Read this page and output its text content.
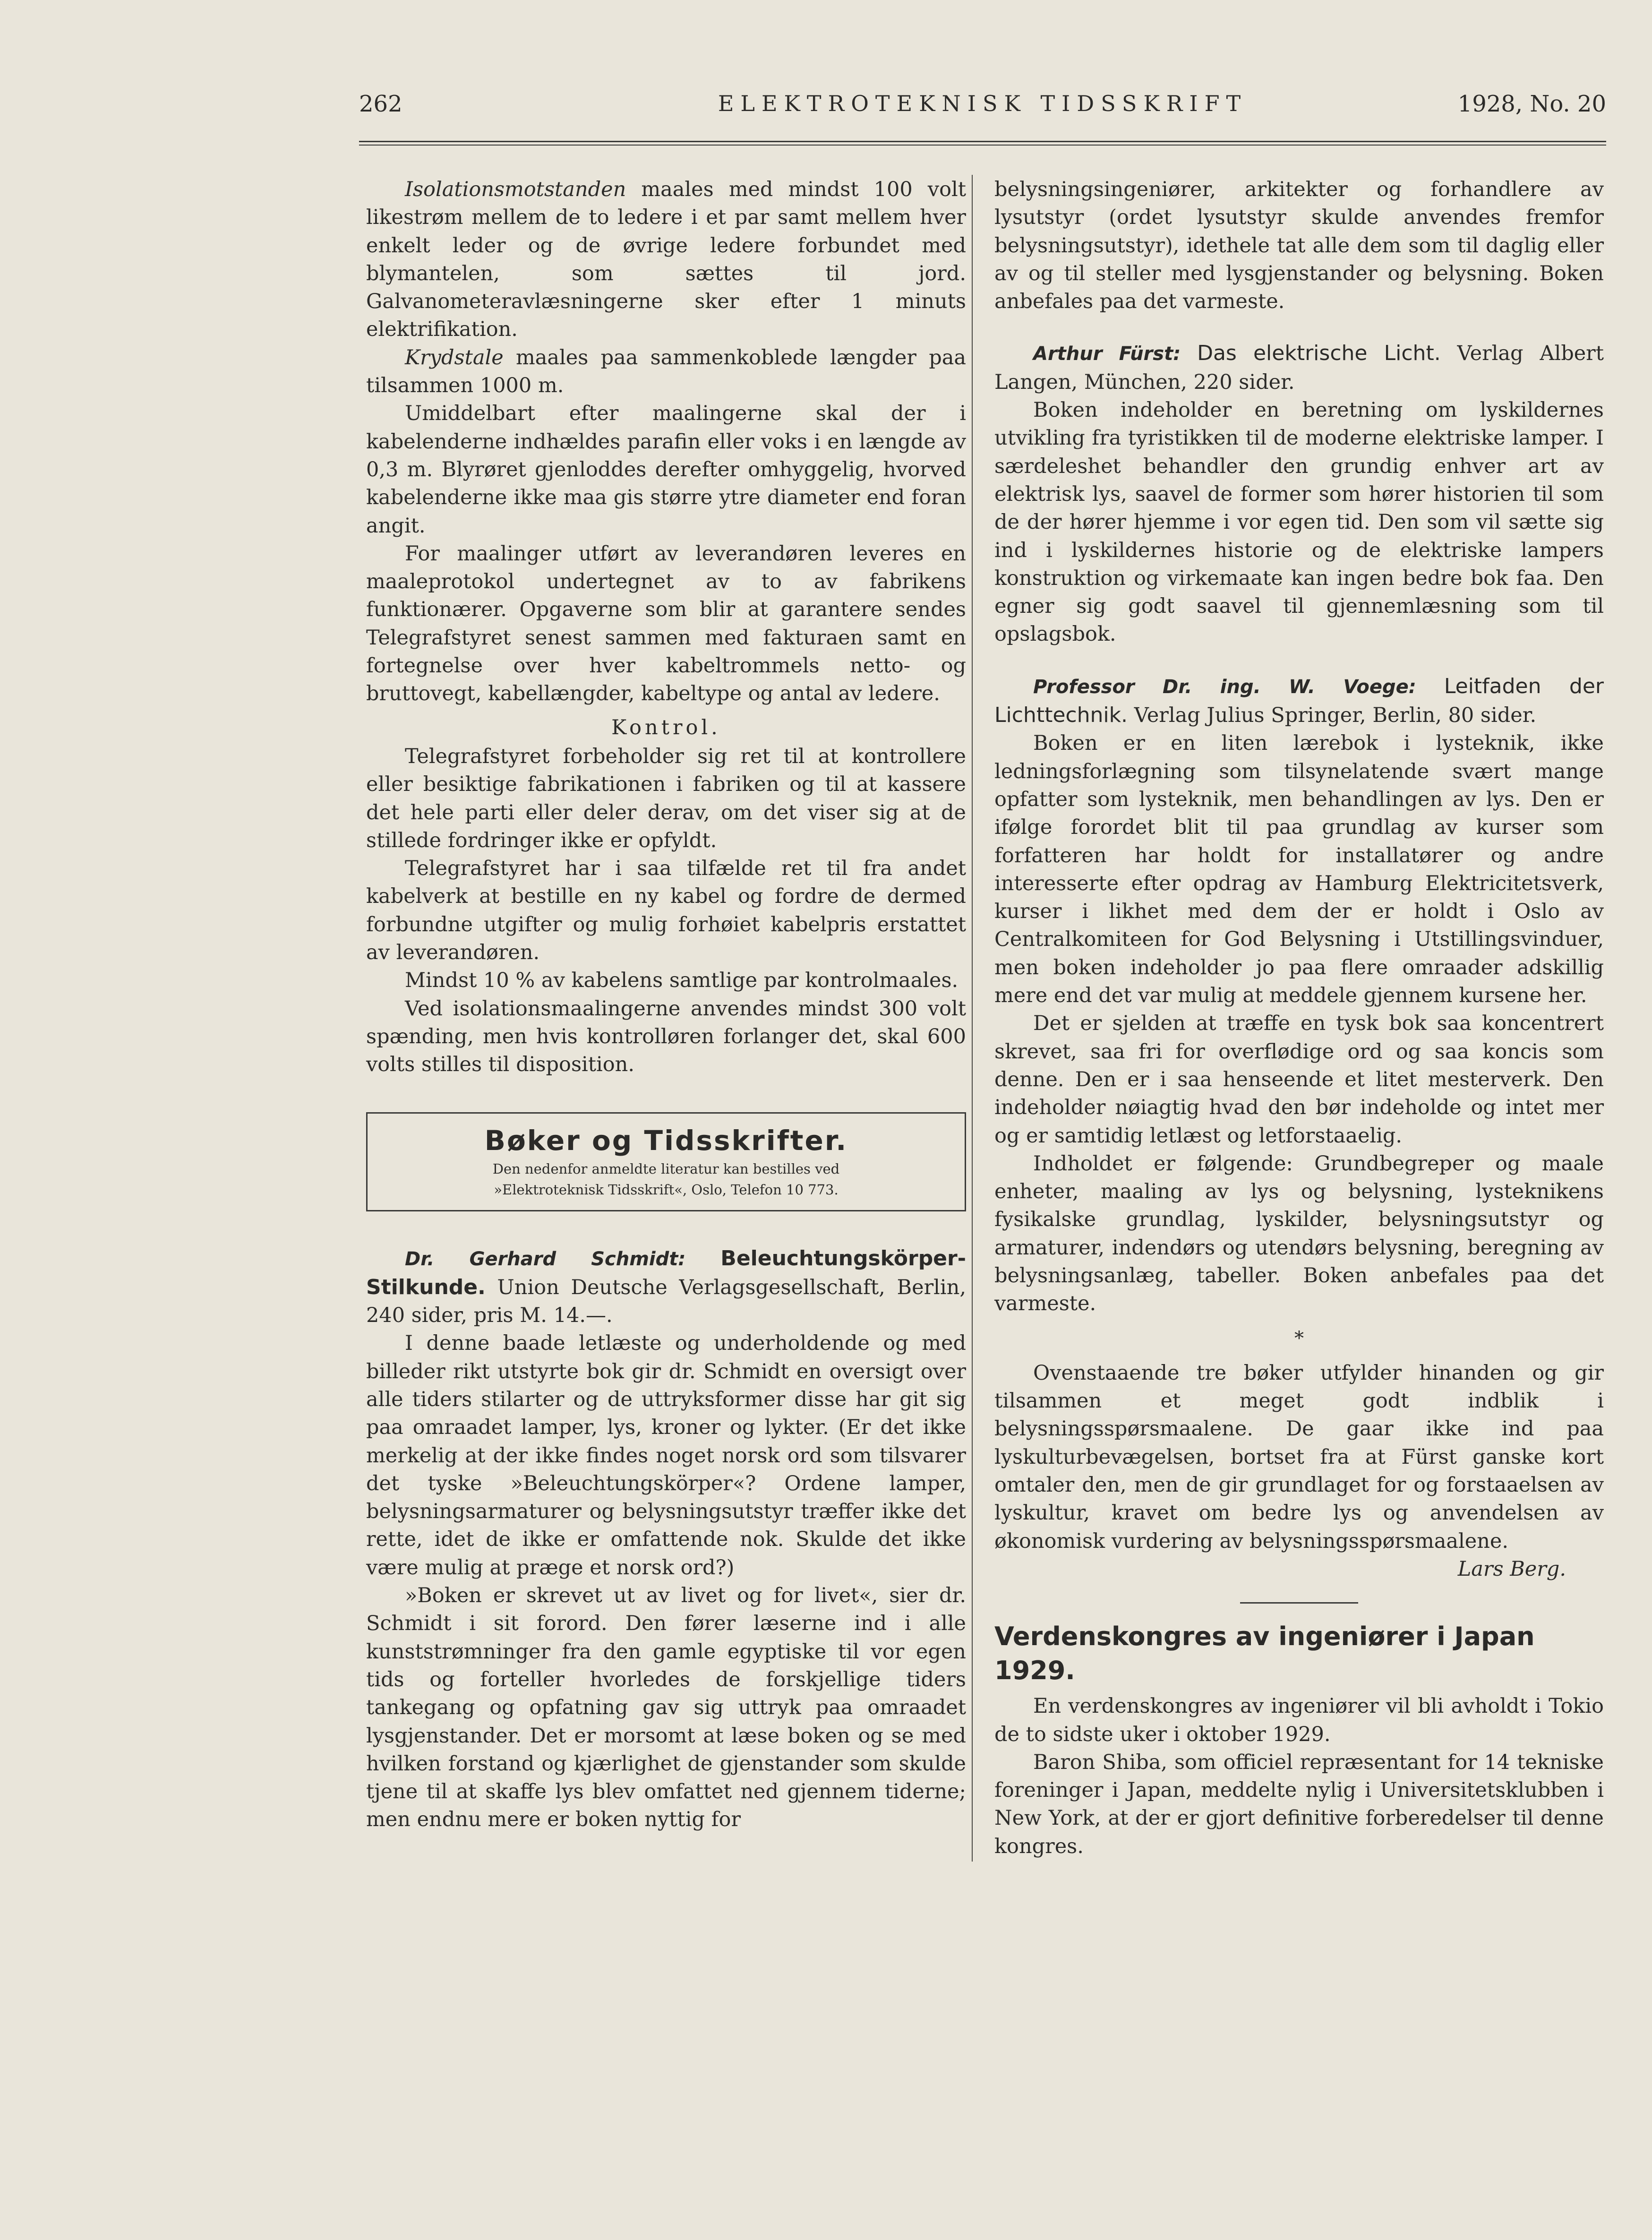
262	ELEKTROTEKNISK TIDSSKRIFT	1928, No. 20

Isolationsmotstanden maales med mindst 100 volt likestrøm mellem de to ledere i et par samt mellem hver enkelt leder og de øvrige ledere forbundet med blymantelen, som sættes til jord. Galvanometeravlæsningerne sker efter 1 minuts elektrifikation.

Krydstale maales paa sammenkoblede længder paa tilsammen 1000 m.

Umiddelbart efter maalingerne skal der i kabelenderne indhældes parafin eller voks i en længde av 0,3 m. Blyrøret gjenloddes derefter omhyggelig, hvorved kabelenderne ikke maa gis større ytre diameter end foran angit.

For maalinger utført av leverandøren leveres en maaleprotokol undertegnet av to av fabrikens funktionærer. Opgaverne som blir at garantere sendes Telegrafstyret senest sammen med fakturaen samt en fortegnelse over hver kabeltrommels netto- og bruttovegt, kabellængder, kabeltype og antal av ledere.

Kontrol.

Telegrafstyret forbeholder sig ret til at kontrollere eller besiktige fabrikationen i fabriken og til at kassere det hele parti eller deler derav, om det viser sig at de stillede fordringer ikke er opfyldt.

Telegrafstyret har i saa tilfælde ret til fra andet kabelverk at bestille en ny kabel og fordre de dermed forbundne utgifter og mulig forhøiet kabelpris erstattet av leverandøren.

Mindst 10 % av kabelens samtlige par kontrolmaales.

Ved isolationsmaalingerne anvendes mindst 300 volt spænding, men hvis kontrolløren forlanger det, skal 600 volts stilles til disposition.

Bøker og Tidsskrifter.
Den nedenfor anmeldte literatur kan bestilles ved
»Elektroteknisk Tidsskrift«, Oslo, Telefon 10 773.

Dr. Gerhard Schmidt: Beleuchtungskörper-Stilkunde. Union Deutsche Verlagsgesellschaft, Berlin, 240 sider, pris M. 14.—.

I denne baade letlæste og underholdende og med billeder rikt utstyrte bok gir dr. Schmidt en oversigt over alle tiders stilarter og de uttryksformer disse har git sig paa omraadet lamper, lys, kroner og lykter. (Er det ikke merkelig at der ikke findes noget norsk ord som tilsvarer det tyske »Beleuchtungskörper«? Ordene lamper, belysningsarmaturer og belysningsutstyr træffer ikke det rette, idet de ikke er omfattende nok. Skulde det ikke være mulig at præge et norsk ord?)

»Boken er skrevet ut av livet og for livet«, sier dr. Schmidt i sit forord. Den fører læserne ind i alle kunststrømninger fra den gamle egyptiske til vor egen tids og forteller hvorledes de forskjellige tiders tankegang og opfatning gav sig uttryk paa omraadet lysgjenstander. Det er morsomt at læse boken og se med hvilken forstand og kjærlighet de gjenstander som skulde tjene til at skaffe lys blev omfattet ned gjennem tiderne; men endnu mere er boken nyttig for

belysningsingeniører, arkitekter og forhandlere av lysutstyr (ordet lysutstyr skulde anvendes fremfor belysningsutstyr), idethele tat alle dem som til daglig eller av og til steller med lysgjenstander og belysning. Boken anbefales paa det varmeste.

Arthur Fürst: Das elektrische Licht. Verlag Albert Langen, München, 220 sider.

Boken indeholder en beretning om lyskildernes utvikling fra tyristikken til de moderne elektriske lamper. I særdeleshet behandler den grundig enhver art av elektrisk lys, saavel de former som hører historien til som de der hører hjemme i vor egen tid. Den som vil sætte sig ind i lyskildernes historie og de elektriske lampers konstruktion og virkemaate kan ingen bedre bok faa. Den egner sig godt saavel til gjennemlæsning som til opslagsbok.

Professor Dr. ing. W. Voege: Leitfaden der Lichttechnik. Verlag Julius Springer, Berlin, 80 sider.

Boken er en liten lærebok i lysteknik, ikke ledningsforlægning som tilsynelatende svært mange opfatter som lysteknik, men behandlingen av lys. Den er ifølge forordet blit til paa grundlag av kurser som forfatteren har holdt for installatører og andre interesserte efter opdrag av Hamburg Elektricitetsverk, kurser i likhet med dem der er holdt i Oslo av Centralkomiteen for God Belysning i Utstillingsvinduer, men boken indeholder jo paa flere omraader adskillig mere end det var mulig at meddele gjennem kursene her.

Det er sjelden at træffe en tysk bok saa koncentrert skrevet, saa fri for overflødige ord og saa koncis som denne. Den er i saa henseende et litet mesterverk. Den indeholder nøiagtig hvad den bør indeholde og intet mer og er samtidig letlæst og letforstaaelig.

Indholdet er følgende: Grundbegreper og maale enheter, maaling av lys og belysning, lysteknikens fysikalske grundlag, lyskilder, belysningsutstyr og armaturer, indendørs og utendørs belysning, beregning av belysningsanlæg, tabeller. Boken anbefales paa det varmeste.

*

Ovenstaaende tre bøker utfylder hinanden og gir tilsammen et meget godt indblik i belysningsspørsmaalene. De gaar ikke ind paa lyskulturbevægelsen, bortset fra at Fürst ganske kort omtaler den, men de gir grundlaget for og forstaaelsen av lyskultur, kravet om bedre lys og anvendelsen av økonomisk vurdering av belysningsspørsmaalene.

Lars Berg.
Verdenskongres av ingeniører i Japan 1929.

En verdenskongres av ingeniører vil bli avholdt i Tokio de to sidste uker i oktober 1929.

Baron Shiba, som officiel repræsentant for 14 tekniske foreninger i Japan, meddelte nylig i Universitetsklubben i New York, at der er gjort definitive forberedelser til denne kongres.
